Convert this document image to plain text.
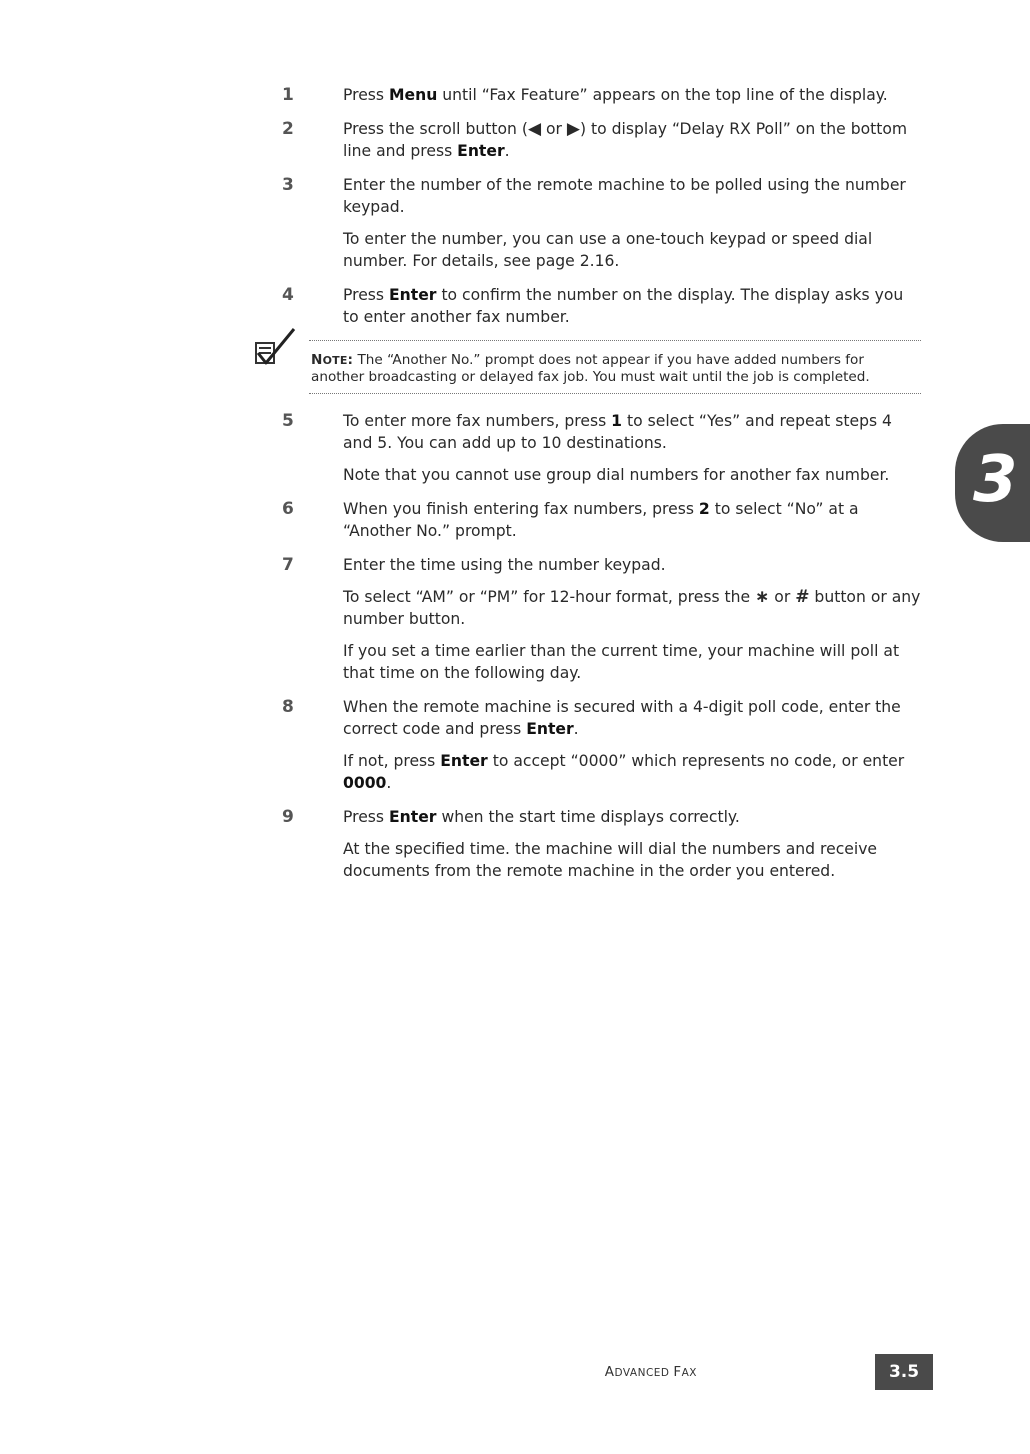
1	Press Menu until “Fax Feature” appears on the top line of the display.

2	Press the scroll button (◀ or ▶) to display “Delay RX Poll” on the bottom line and press Enter.

3	Enter the number of the remote machine to be polled using the number keypad.

To enter the number, you can use a one-touch keypad or speed dial number. For details, see page 2.16.

4	Press Enter to confirm the number on the display. The display asks you to enter another fax number.

NOTE: The “Another No.” prompt does not appear if you have added numbers for another broadcasting or delayed fax job. You must wait until the job is completed.
5	To enter more fax numbers, press 1 to select “Yes” and repeat steps 4 and 5. You can add up to 10 destinations.

Note that you cannot use group dial numbers for another fax number.

6	When you finish entering fax numbers, press 2 to select “No” at a “Another No.” prompt.

7	Enter the time using the number keypad.

To select “AM” or “PM” for 12-hour format, press the ∗ or # button or any number button.

If you set a time earlier than the current time, your machine will poll at that time on the following day.

8	When the remote machine is secured with a 4-digit poll code, enter the correct code and press Enter.

If not, press Enter to accept “0000” which represents no code, or enter 0000.

9	Press Enter when the start time displays correctly.

At the specified time. the machine will dial the numbers and receive documents from the remote machine in the order you entered.

3
ADVANCED FAX	3.5
